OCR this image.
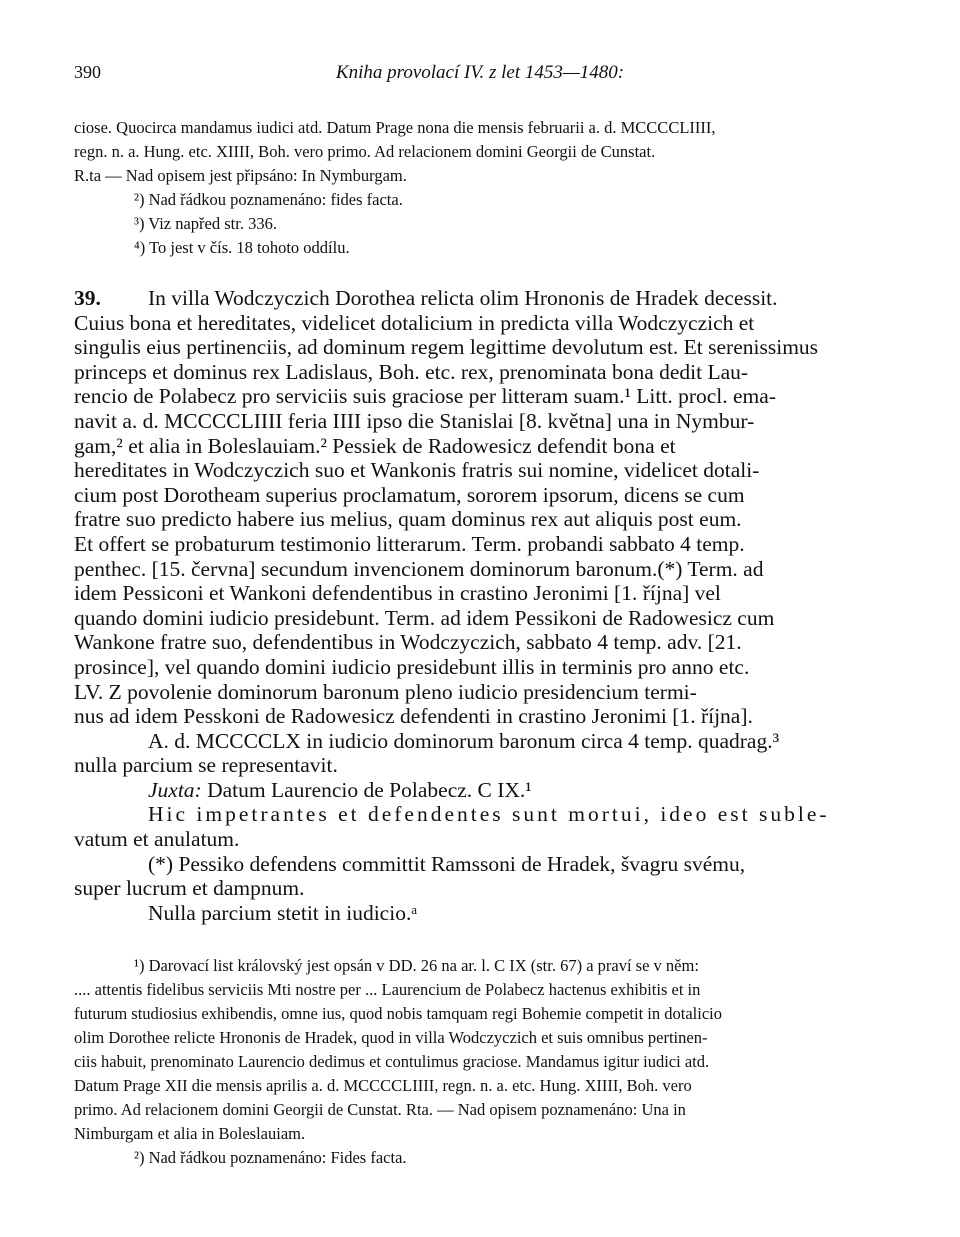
390	Kniha provolací IV. z let 1453—1480:
ciose. Quocirca mandamus iudici atd. Datum Prage nona die mensis februarii a. d. MCCCCLIIII,
regn. n. a. Hung. etc. XIIII, Boh. vero primo. Ad relacionem domini Georgii de Cunstat.
R.ta — Nad opisem jest připsáno: In Nymburgam.
²) Nad řádkou poznamenáno: fides facta.
³) Viz napřed str. 336.
⁴) To jest v čís. 18 tohoto oddílu.
39. In villa Wodczyczich Dorothea relicta olim Hrononis de Hradek decessit.
Cuius bona et hereditates, videlicet dotalicium in predicta villa Wodczyczich et
singulis eius pertinenciis, ad dominum regem legittime devolutum est. Et serenissimus
princeps et dominus rex Ladislaus, Boh. etc. rex, prenominata bona dedit Lau-
rencio de Polabecz pro serviciis suis graciose per litteram suam.¹ Litt. procl. ema-
navit a. d. MCCCCLIIII feria IIII ipso die Stanislai [8. května] una in Nymbur-
gam,² et alia in Boleslauiam.² Pessiek de Radowesicz defendit bona et
hereditates in Wodczyczich suo et Wankonis fratris sui nomine, videlicet dotali-
cium post Dorotheam superius proclamatum, sororem ipsorum, dicens se cum
fratre suo predicto habere ius melius, quam dominus rex aut aliquis post eum.
Et offert se probaturum testimonio litterarum. Term. probandi sabbato 4 temp.
penthec. [15. června] secundum invencionem dominorum baronum.(*) Term. ad
idem Pessiconi et Wankoni defendentibus in crastino Jeronimi [1. října] vel
quando domini iudicio presidebunt. Term. ad idem Pessikoni de Radowesicz cum
Wankone fratre suo, defendentibus in Wodczyczich, sabbato 4 temp. adv. [21.
prosince], vel quando domini iudicio presidebunt illis in terminis pro anno etc.
LV. Z povolenie dominorum baronum pleno iudicio presidencium termi-
nus ad idem Pesskoni de Radowesicz defendenti in crastino Jeronimi [1. října].
A. d. MCCCCLX in iudicio dominorum baronum circa 4 temp. quadrag.³
nulla parcium se representavit.
Juxta: Datum Laurencio de Polabecz. C IX.¹
Hic impetrantes et defendentes sunt mortui, ideo est suble-
vatum et anulatum.
(*) Pessiko defendens committit Ramssoni de Hradek, švagru svému,
super lucrum et dampnum.
Nulla parcium stetit in iudicio.ᵃ
¹) Darovací list královský jest opsán v DD. 26 na ar. l. C IX (str. 67) a praví se v něm:
.... attentis fidelibus serviciis Mti nostre per ... Laurencium de Polabecz hactenus exhibitis et in
futurum studiosius exhibendis, omne ius, quod nobis tamquam regi Bohemie competit in dotalicio
olim Dorothee relicte Hrononis de Hradek, quod in villa Wodczyczich et suis omnibus pertinen-
ciis habuit, prenominato Laurencio dedimus et contulimus graciose. Mandamus igitur iudici atd.
Datum Prage XII die mensis aprilis a. d. MCCCCLIIII, regn. n. a. etc. Hung. XIIII, Boh. vero
primo. Ad relacionem domini Georgii de Cunstat. Rta. — Nad opisem poznamenáno: Una in
Nimburgam et alia in Boleslauiam.
²) Nad řádkou poznamenáno: Fides facta.
